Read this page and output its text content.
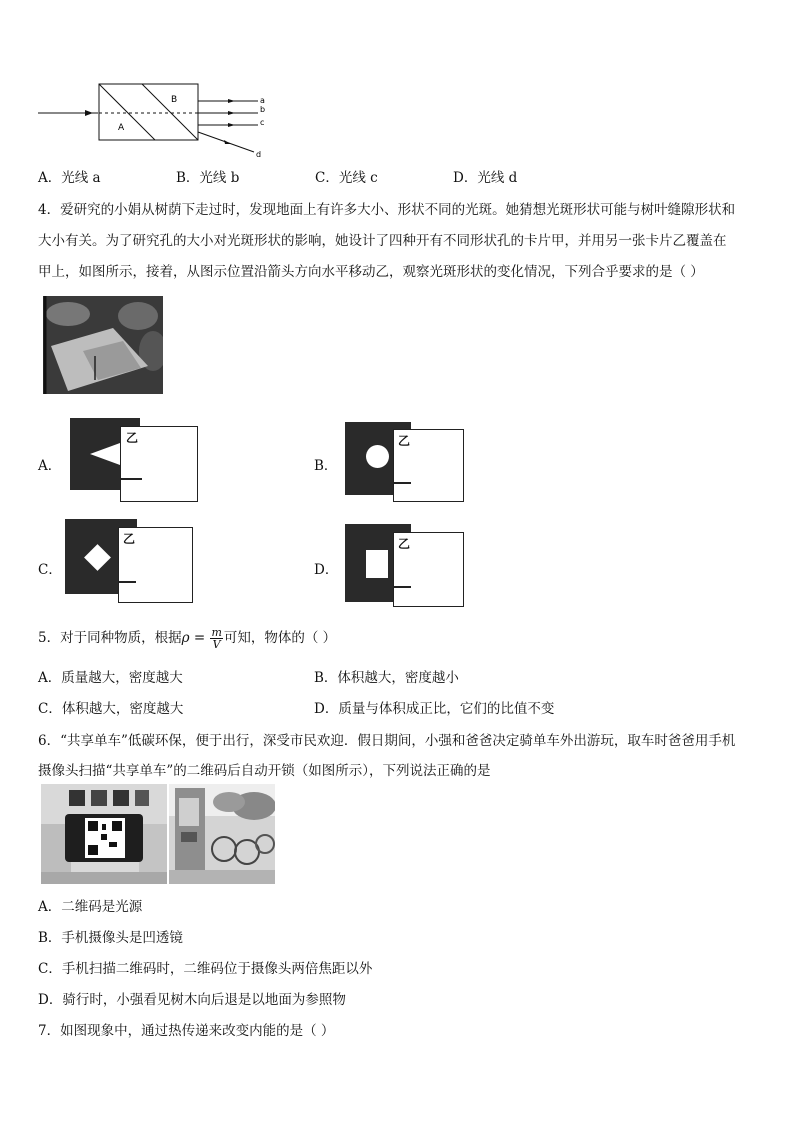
B
A
a
b
c
d
A．光线 a	B．光线 b	C．光线 c	D．光线 d
4．爱研究的小娟从树荫下走过时，发现地面上有许多大小、形状不同的光斑。她猜想光斑形状可能与树叶缝隙形状和
大小有关。为了研究孔的大小对光斑形状的影响，她设计了四种开有不同形状孔的卡片甲，并用另一张卡片乙覆盖在
甲上，如图所示，接着，从图示位置沿箭头方向水平移动乙，观察光斑形状的变化情况，下列合乎要求的是（ ）
A．
乙
B．
乙
C．
乙
D．
乙
5．对于同种物质，根据$\rho = \frac{m}{V}$ 可知，物体的（ ）
A．质量越大，密度越大	B．体积越大，密度越小
C．体积越大，密度越大	D．质量与体积成正比，它们的比值不变
6．“共享单车”低碳环保，便于出行，深受市民欢迎．假日期间，小强和爸爸决定骑单车外出游玩，取车时爸爸用手机
摄像头扫描“共享单车”的二维码后自动开锁（如图所示），下列说法正确的是
A．二维码是光源
B．手机摄像头是凹透镜
C．手机扫描二维码时，二维码位于摄像头两倍焦距以外
D．骑行时，小强看见树木向后退是以地面为参照物
7．如图现象中，通过热传递来改变内能的是（ ）
